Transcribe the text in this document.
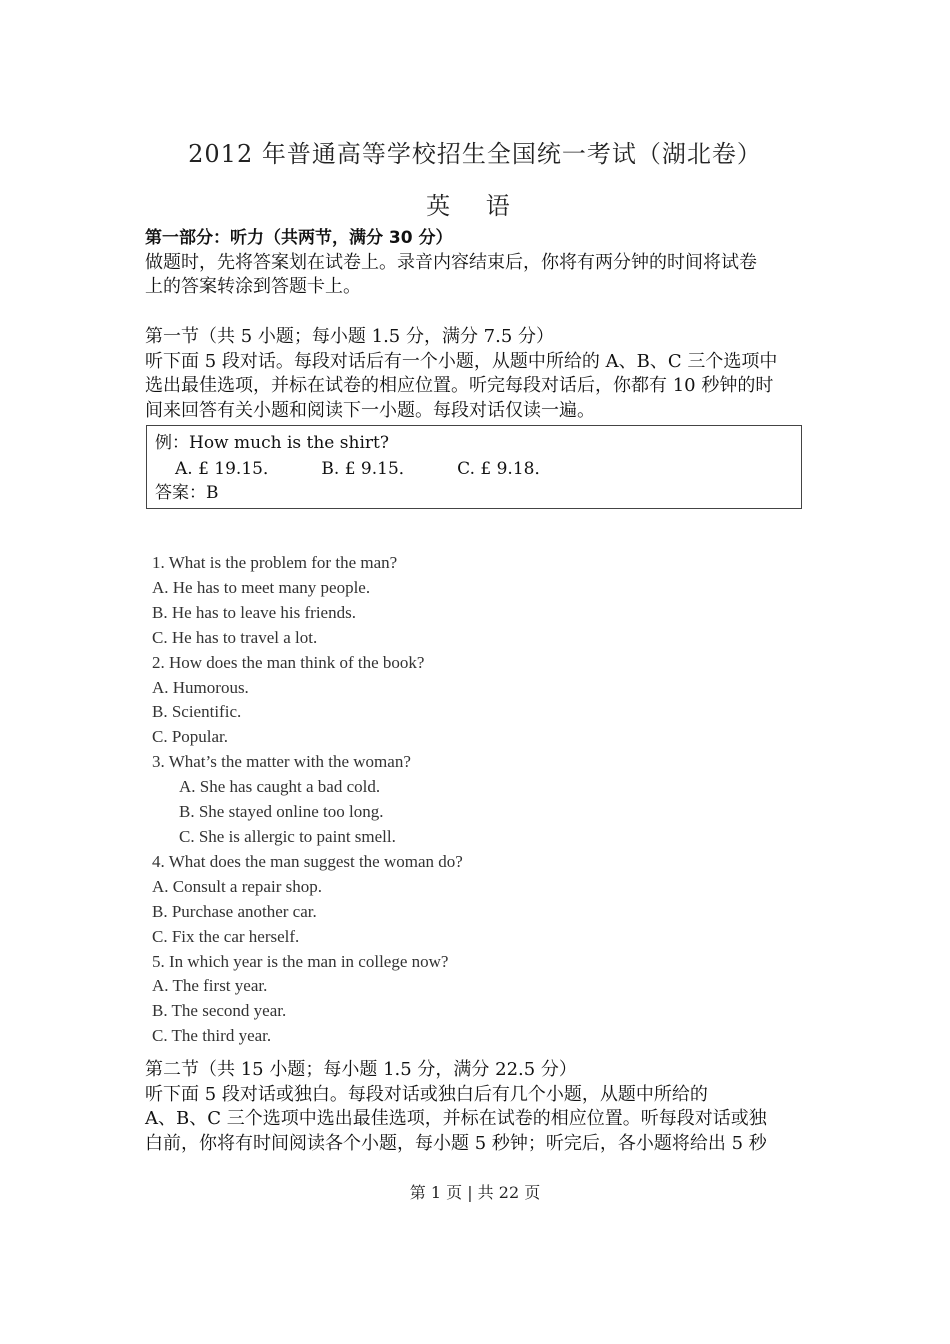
2012 年普通高等学校招生全国统一考试（湖北卷）
英 语
第一部分：听力（共两节，满分 30 分）
做题时，先将答案划在试卷上。录音内容结束后，你将有两分钟的时间将试卷
上的答案转涂到答题卡上。
第一节（共 5 小题；每小题 1.5 分，满分 7.5 分）
听下面 5 段对话。每段对话后有一个小题，从题中所给的 A、B、C 三个选项中
选出最佳选项，并标在试卷的相应位置。听完每段对话后，你都有 10 秒钟的时
间来回答有关小题和阅读下一小题。每段对话仅读一遍。
例：How much is the shirt?
A. £ 19.15． B. £ 9.15． C. £ 9.18．
答案：B
1. What is the problem for the man?
A. He has to meet many people.
B. He has to leave his friends.
C. He has to travel a lot.
2. How does the man think of the book?
A. Humorous.
B. Scientific.
C. Popular.
3. What’s the matter with the woman?
A. She has caught a bad cold.
B. She stayed online too long.
C. She is allergic to paint smell.
4. What does the man suggest the woman do?
A. Consult a repair shop.
B. Purchase another car.
C. Fix the car herself.
5. In which year is the man in college now?
A. The first year.
B. The second year.
C. The third year.
第二节（共 15 小题；每小题 1.5 分，满分 22.5 分）
听下面 5 段对话或独白。每段对话或独白后有几个小题，从题中所给的
A、B、C 三个选项中选出最佳选项，并标在试卷的相应位置。听每段对话或独
白前，你将有时间阅读各个小题，每小题 5 秒钟；听完后，各小题将给出 5 秒
第 1 页 | 共 22 页
